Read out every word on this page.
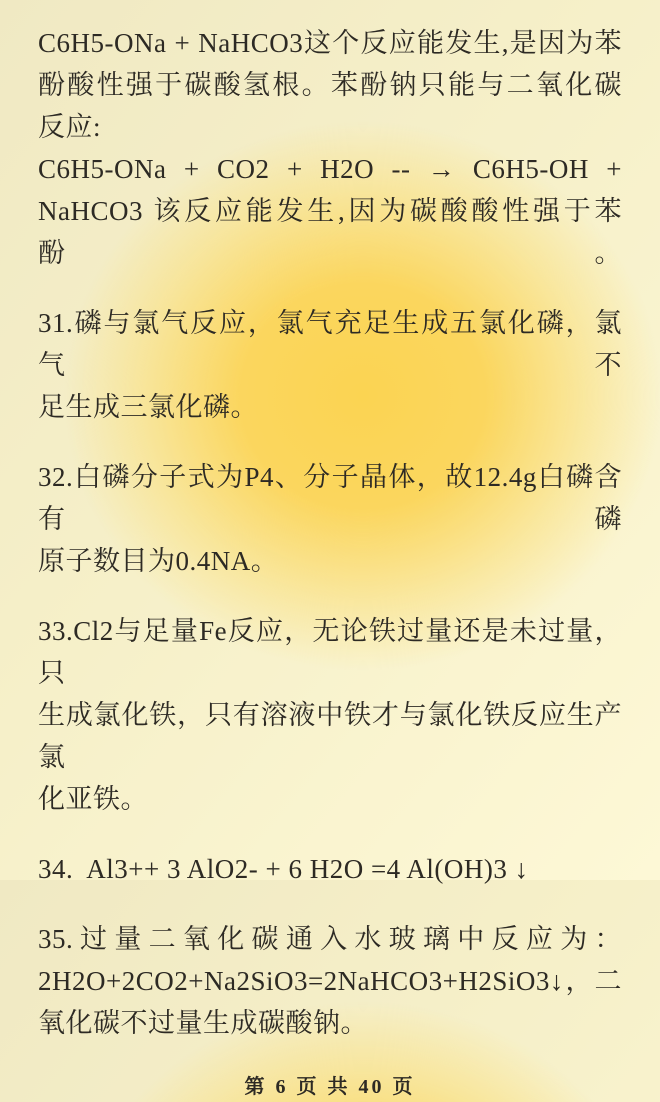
C6H5-ONa + NaHCO3这个反应能发生,是因为苯
酚酸性强于碳酸氢根。苯酚钠只能与二氧化碳
反应:
C6H5-ONa + CO2 + H2O -- → C6H5-OH +
NaHCO3 该反应能发生,因为碳酸酸性强于苯酚。
31.磷与氯气反应，氯气充足生成五氯化磷，氯气不
足生成三氯化磷。
32.白磷分子式为P4、分子晶体，故12.4g白磷含有磷
原子数目为0.4NA。
33.Cl2与足量Fe反应，无论铁过量还是未过量，只
生成氯化铁，只有溶液中铁才与氯化铁反应生产氯
化亚铁。
34.  Al3++ 3 AlO2- + 6 H2O =4 Al(OH)3 ↓
35.过量二氧化碳通入水玻璃中反应为：
2H2O+2CO2+Na2SiO3=2NaHCO3+H2SiO3↓，二
氧化碳不过量生成碳酸钠。
第 6 页 共 40 页
